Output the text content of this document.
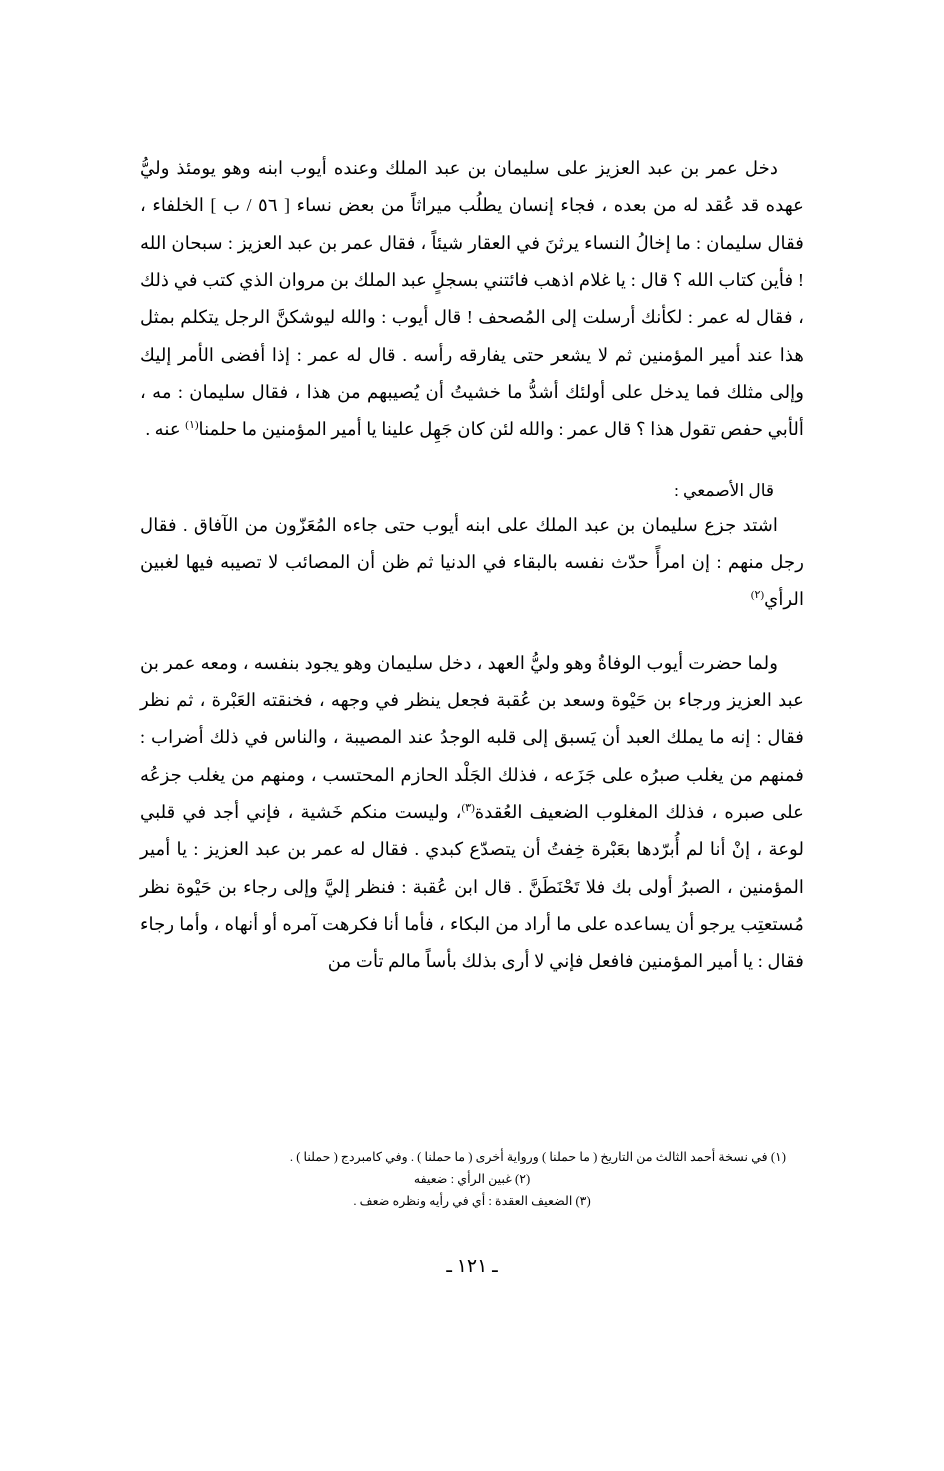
دخل عمر بن عبد العزيز على سليمان بن عبد الملك وعنده أيوب ابنه وهو يومئذ وليُّ عهده قد عُقد له من بعده ، فجاء إنسان يطلُب ميراثاً من بعض نساء [ ٥٦ / ب ] الخلفاء ، فقال سليمان : ما إخالُ النساء يرثنَ في العقار شيئاً ، فقال عمر بن عبد العزيز : سبحان الله ! فأين كتاب الله ؟ قال : يا غلام اذهب فائتني بسجلٍ عبد الملك بن مروان الذي كتب في ذلك ، فقال له عمر : لكأنك أرسلت إلى المُصحف ! قال أيوب : والله ليوشكنَّ الرجل يتكلم بمثل هذا عند أمير المؤمنين ثم لا يشعر حتى يفارقه رأسه . قال له عمر : إذا أفضى الأمر إليك وإلى مثلك فما يدخل على أولئك أشدُّ ما خشيتُ أن يُصيبهم من هذا ، فقال سليمان : مه ، ألأبي حفص تقول هذا ؟ قال عمر : والله لئن كان جَهِل علينا يا أمير المؤمنين ما حلمنا$^{(١)}$ عنه .

قال الأصمعي :

اشتد جزع سليمان بن عبد الملك على ابنه أيوب حتى جاءه المُعَزّون من الآفاق . فقال رجل منهم : إن امرأً حدّث نفسه بالبقاء في الدنيا ثم ظن أن المصائب لا تصيبه فيها لغبين الرأي$^{(٢)}$

ولما حضرت أيوب الوفاةُ وهو وليُّ العهد ، دخل سليمان وهو يجود بنفسه ، ومعه عمر بن عبد العزيز ورجاء بن حَيْوة وسعد بن عُقبة فجعل ينظر في وجهه ، فخنقته العَبْرة ، ثم نظر فقال : إنه ما يملك العبد أن يَسبق إلى قلبه الوجدُ عند المصيبة ، والناس في ذلك أضراب : فمنهم من يغلب صبرُه على جَزَعه ، فذلك الجَلْد الحازم المحتسب ، ومنهم من يغلب جزعُه على صبره ، فذلك المغلوب الضعيف العُقدة$^{(٣)}$، وليست منكم خَشية ، فإني أجد في قلبي لوعة ، إنْ أنا لم أُبرّدها بعَبْرة خِفتُ أن يتصدّع كبدي . فقال له عمر بن عبد العزيز : يا أمير المؤمنين ، الصبرُ أولى بك فلا تَحْنَطَنَّ . قال ابن عُقبة : فنظر إليَّ وإلى رجاء بن حَيْوة نظر مُستعتِب يرجو أن يساعده على ما أراد من البكاء ، فأما أنا فكرهت آمره أو أنهاه ، وأما رجاء فقال : يا أمير المؤمنين فافعل فإني لا أرى بذلك بأساً مالم تأت من

(١) في نسخة أحمد الثالث من التاريخ ( ما حملنا ) ورواية أخرى ( ما حملنا ) . وفي كامبردج ( حملنا ) .

(٢) غبين الرأي : ضعيفه

(٣) الضعيف العقدة : أي في رأيه ونظره ضعف .

ـ ١٢١ ـ
